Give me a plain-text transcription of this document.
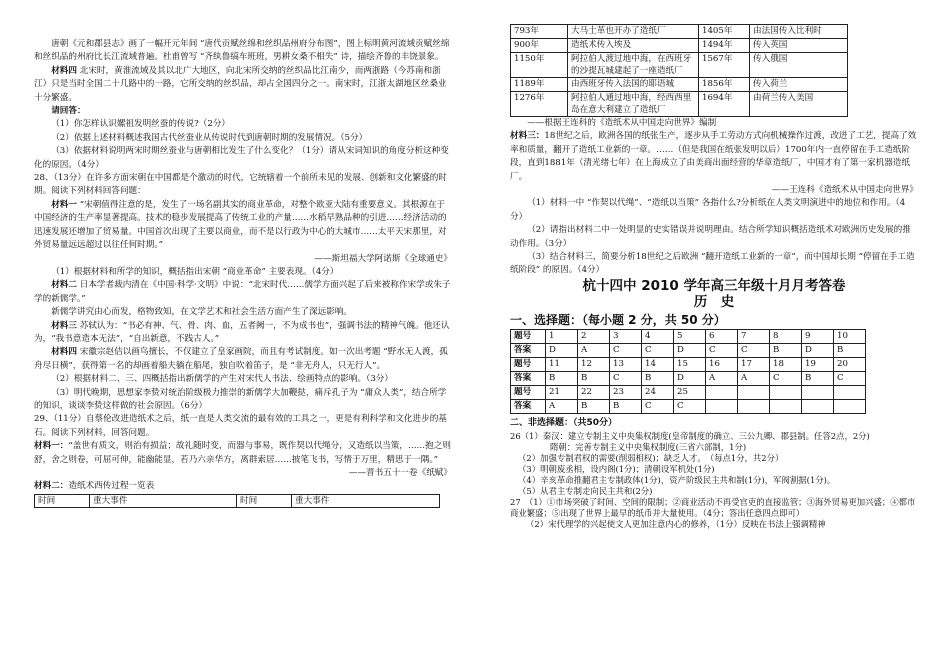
唐朝《元和郡县志》画了一幅开元年间 “唐代贡赋丝绵和丝织品州府分布图”，图上标明黄河流域贡赋丝绵和丝织品的州府比长江流域普遍。杜甫曾写 “齐纨鲁缟车班班，男耕女桑不相失” 诗，描绘齐鲁的丰饶景象。

材料四 北宋时，黄淮流域及其以北广大地区，向北宋所交纳的丝织品比江南少，而两浙路（今苏南和浙江）只是当时全国二十几路中的一路，它所交纳的丝织品，却占全国四分之一。南宋时，江浙太湖地区丝桑业十分繁盛。

请回答：

（1）你怎样认识嫘祖发明丝蚕的传说?（2分）

（2）依据上述材料概述我国古代丝蚕业从传说时代到唐朝时期的发展情况。（5分）

（3）依据材料说明两宋时期丝蚕业与唐朝相比发生了什么变化？（1分）请从宋词知识的角度分析这种变化的原因。（4分）

28、（13分）在许多方面宋朝在中国都是个激动的时代，它统辖着一个前所未见的发展、创新和文化繁盛的时期。阅读下列材料回答问题：

材料一 “宋朝值得注意的是，发生了一场名副其实的商业革命，对整个欧亚大陆有重要意义。其根源在于中国经济的生产率显著提高。技术的稳步发展提高了传统工业的产量……水稻早熟品种的引进……经济活动的迅速发展还增加了贸易量。中国首次出现了主要以商业，而不是以行政为中心的大城市……太平天宋那里，对外贸易量远远超过以往任何时期。”

——斯坦福大学阿诺斯《全球通史》

（1）根据材料和所学的知识，概括指出宋朝 “商业革命” 主要表现。（4分）

材料二 日本学者裁内清在《中国·科学·文明》中说：“北宋时代……儒学方面兴起了后来被称作宋学或朱子学的新儒学。”

新儒学讲究由心而发，格物致知，在文学艺术和社会生活方面产生了深远影响。

材料三 苏轼认为：“书必有神、气、骨、肉、血，五者阙一，不为成书也”，强调书法的精神气魄。他还认为，“我书意造本无法”，“自出新意，不践古人。”

材料四 宋徽宗赵佶以画鸟擅长，不仅建立了皇家画院，而且有考试制度。如一次出考题 “野水无人渡，孤舟尽日横”，获得第一名的却画着船夫躺在船尾，独自吹着笛子，是 “非无舟人，只无行人”。

（2）根据材料二、三、四概括指出新儒学的产生对宋代人书法、绘画特点的影响。（3分）

（3）明代晚期，思想家李贽对统治阶级极力推崇的新儒学大加鞭挞，痛斥孔子为 “庸众人类”，结合所学的知识，谈谈李贽这样做的社会原因。（6分）

29、（11分）自蔡伦改进造纸术之后，纸一直是人类交流的最有效的工具之一，更是有利科学和文化进步的基石。阅读下列材料，回答问题。

材料一：“盖世有质文，则治有损益；故礼随时变，而器与事易，既作契以代绳分，又造纸以当策，……抱之则舒，舍之则卷，可屈可伸，能幽能显，若乃六亲华方，离群索居……披笔飞书，写情于万里，精思于一隅。”

——晋书五十一卷《纸赋》

材料二：造纸术西传过程一览表

时间	重大事件	时间	重大事件
793年	大马士革也开办了造纸厂	1405年	由法国传入比利时
900年	造纸术传入埃及	1494年	传入英国
1150年	阿拉伯人渡过地中海，在西班牙的沙提瓦城建起了一座造纸厂	1567年	传入俄国
1189年	由西班牙传入法国的耶语城	1856年	传入荷兰
1276年	阿拉伯人通过地中海，经西西里岛在意大利建立了造纸厂	1694年	由荷兰传入美国

——根据王连科的《造纸术从中国走向世界》编制

材料三：18世纪之后，欧洲各国的纸张生产，逐步从手工劳动方式向机械操作过渡，改进了工艺，提高了效率和质量，翻开了造纸工业新的一章。……（但是我国在纸张发明以后）1700年内一直停留在手工造纸阶段，直到1881年（清光绪七年）在上海成立了由美商出面经营的华章造纸厂，中国才有了第一家机器造纸厂。

——王连科《造纸术从中国走向世界》

（1）材料一中 “作契以代绳”、“造纸以当策” 各指什么?分析纸在人类文明演进中的地位和作用。（4分）

（2）请指出材料二中一处明显的史实错误并说明理由。结合所学知识概括造纸术对欧洲历史发展的推动作用。（3分）

（3）结合材料三，简要分析18世纪之后欧洲 “翻开造纸工业新的一章”，而中国却长期 “停留在手工造纸阶段” 的原因。（4分）

杭十四中 2010 学年高三年级十月月考答卷
历　史
一、选择题：（每小题 2 分，共 50 分）
题号	1	2	3	4	5	6	7	8	9	10
答案	D	A	C	C	D	C	C	B	D	B
题号	11	12	13	14	15	16	17	18	19	20
答案	B	B	C	B	D	A	A	C	B	C
题号	21	22	23	24	25					
答案	A	B	B	C	C					
二、非选择题：（共50分）

26（1）秦汉：建立专制主义中央集权制度(皇帝制度的确立、三公九卿、郡县制。任答2点，2分)

隋朝：完善专制主义中央集权制度(三省六部制，1分)

（2）加强专制君权的需要(削弱相权)；缺乏人才。　（每点1分，共2分）

（3）明朝废丞相，设内阁(1分)；清朝设军机处(1分)

（4）辛亥革命推翻君主专制政体(1分)，资产阶级民主共和制(1分)，军阀割据(1分)。

（5）从君主专制走向民主共和(2分)

27　（1）①市场突破了时间、空间的限制；②商业活动不再受官吏的直接监管；③海外贸易更加兴盛；④都市商业繁盛；⑤出现了世界上最早的纸币并大量使用。（4分；答出任意四点即可）

（2）宋代理学的兴起使文人更加注意内心的修养，（1分）反映在书法上强调精神
